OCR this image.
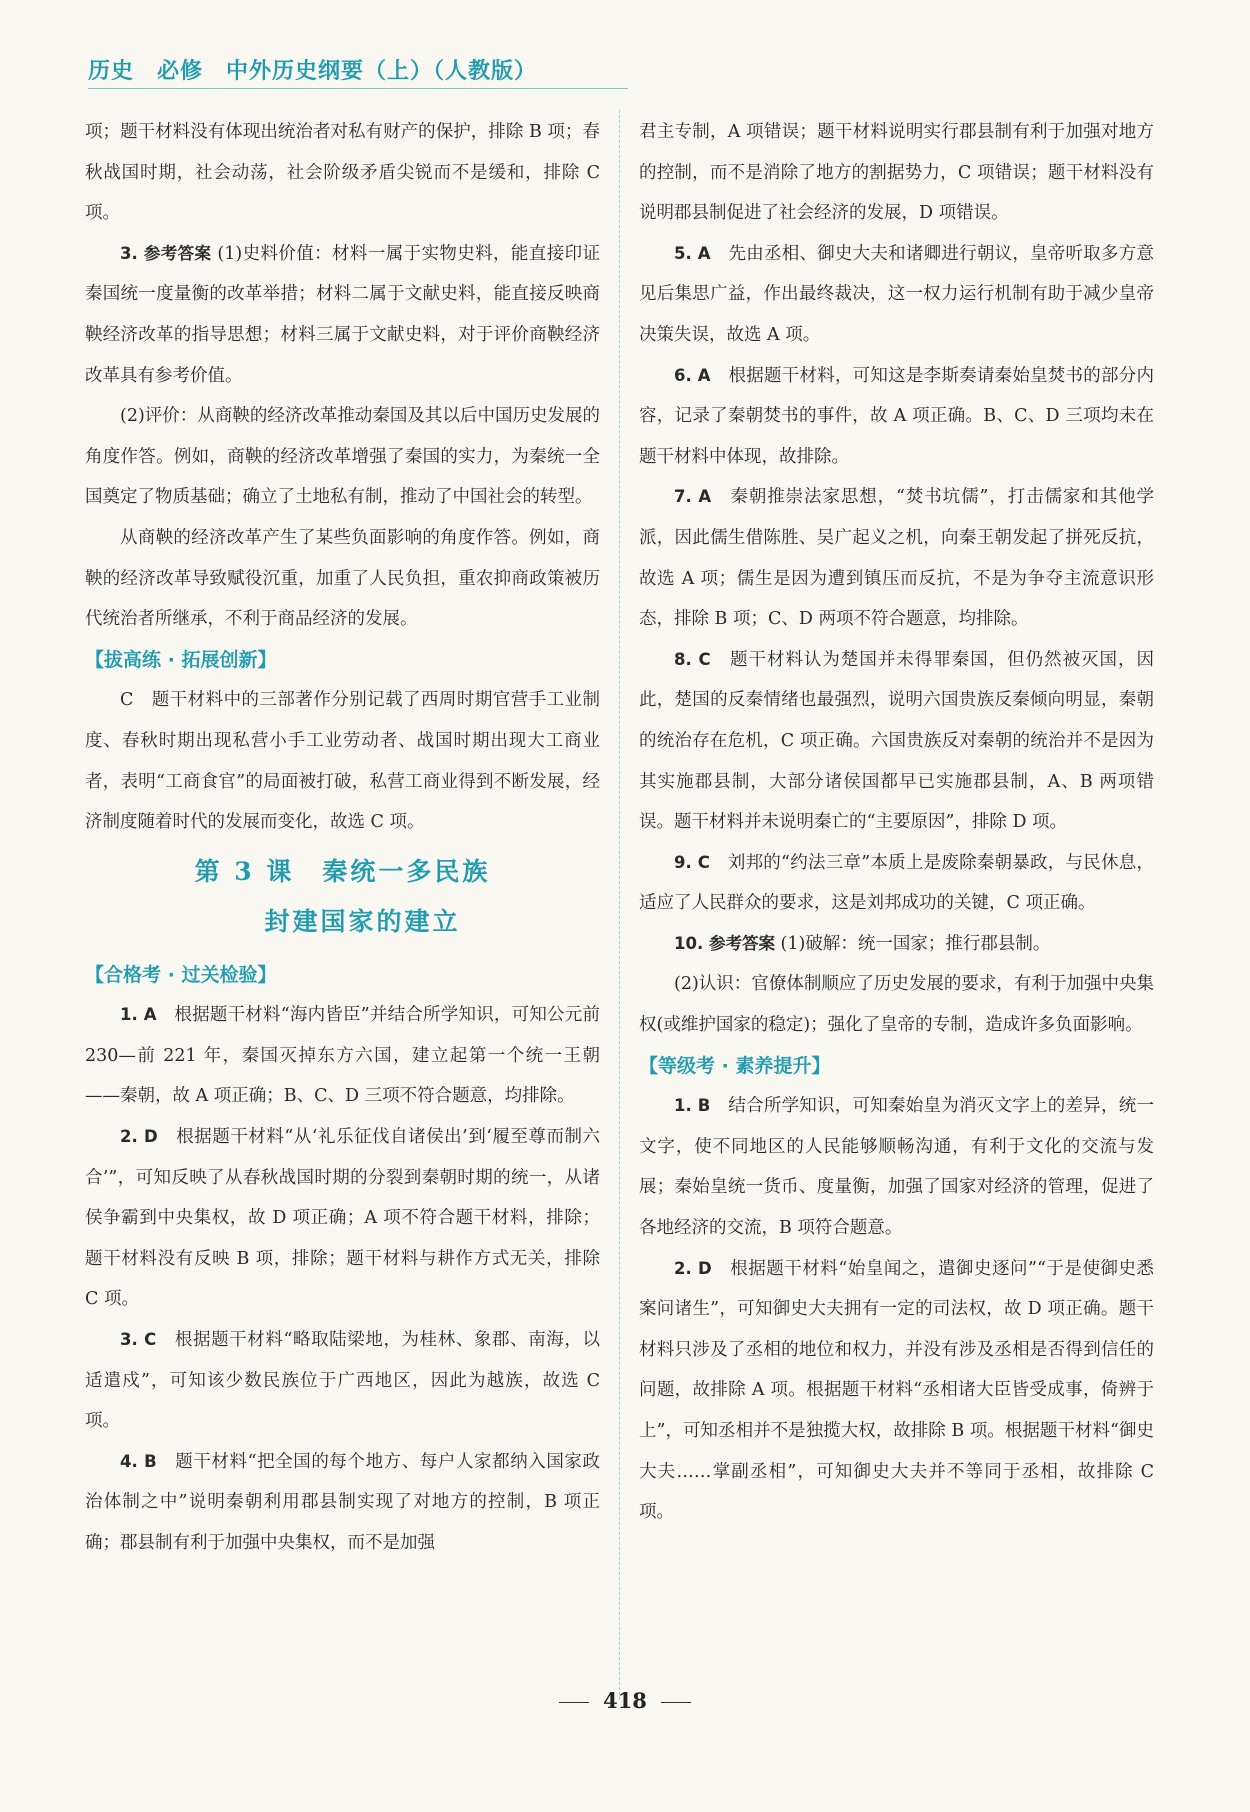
历史　必修　中外历史纲要（上）（人教版）

项；题干材料没有体现出统治者对私有财产的保护，排除 B 项；春秋战国时期，社会动荡，社会阶级矛盾尖锐而不是缓和，排除 C 项。

3. 参考答案 (1)史料价值：材料一属于实物史料，能直接印证秦国统一度量衡的改革举措；材料二属于文献史料，能直接反映商鞅经济改革的指导思想；材料三属于文献史料，对于评价商鞅经济改革具有参考价值。

(2)评价：从商鞅的经济改革推动秦国及其以后中国历史发展的角度作答。例如，商鞅的经济改革增强了秦国的实力，为秦统一全国奠定了物质基础；确立了土地私有制，推动了中国社会的转型。

从商鞅的经济改革产生了某些负面影响的角度作答。例如，商鞅的经济改革导致赋役沉重，加重了人民负担，重农抑商政策被历代统治者所继承，不利于商品经济的发展。

【拔高练 · 拓展创新】

C　题干材料中的三部著作分别记载了西周时期官营手工业制度、春秋时期出现私营小手工业劳动者、战国时期出现大工商业者，表明“工商食官”的局面被打破，私营工商业得到不断发展，经济制度随着时代的发展而变化，故选 C 项。

第 3 课　秦统一多民族
封建国家的建立

【合格考 · 过关检验】

1. A　根据题干材料“海内皆臣”并结合所学知识，可知公元前 230—前 221 年，秦国灭掉东方六国，建立起第一个统一王朝——秦朝，故 A 项正确；B、C、D 三项不符合题意，均排除。

2. D　根据题干材料“从‘礼乐征伐自诸侯出’到‘履至尊而制六合’”，可知反映了从春秋战国时期的分裂到秦朝时期的统一，从诸侯争霸到中央集权，故 D 项正确；A 项不符合题干材料，排除；题干材料没有反映 B 项，排除；题干材料与耕作方式无关，排除 C 项。

3. C　根据题干材料“略取陆梁地，为桂林、象郡、南海，以适遣戍”，可知该少数民族位于广西地区，因此为越族，故选 C 项。

4. B　题干材料“把全国的每个地方、每户人家都纳入国家政治体制之中”说明秦朝利用郡县制实现了对地方的控制，B 项正确；郡县制有利于加强中央集权，而不是加强

君主专制，A 项错误；题干材料说明实行郡县制有利于加强对地方的控制，而不是消除了地方的割据势力，C 项错误；题干材料没有说明郡县制促进了社会经济的发展，D 项错误。

5. A　先由丞相、御史大夫和诸卿进行朝议，皇帝听取多方意见后集思广益，作出最终裁决，这一权力运行机制有助于减少皇帝决策失误，故选 A 项。

6. A　根据题干材料，可知这是李斯奏请秦始皇焚书的部分内容，记录了秦朝焚书的事件，故 A 项正确。B、C、D 三项均未在题干材料中体现，故排除。

7. A　秦朝推崇法家思想，“焚书坑儒”，打击儒家和其他学派，因此儒生借陈胜、吴广起义之机，向秦王朝发起了拼死反抗，故选 A 项；儒生是因为遭到镇压而反抗，不是为争夺主流意识形态，排除 B 项；C、D 两项不符合题意，均排除。

8. C　题干材料认为楚国并未得罪秦国，但仍然被灭国，因此，楚国的反秦情绪也最强烈，说明六国贵族反秦倾向明显，秦朝的统治存在危机，C 项正确。六国贵族反对秦朝的统治并不是因为其实施郡县制，大部分诸侯国都早已实施郡县制，A、B 两项错误。题干材料并未说明秦亡的“主要原因”，排除 D 项。

9. C　刘邦的“约法三章”本质上是废除秦朝暴政，与民休息，适应了人民群众的要求，这是刘邦成功的关键，C 项正确。

10. 参考答案 (1)破解：统一国家；推行郡县制。

(2)认识：官僚体制顺应了历史发展的要求，有利于加强中央集权(或维护国家的稳定)；强化了皇帝的专制，造成许多负面影响。

【等级考 · 素养提升】

1. B　结合所学知识，可知秦始皇为消灭文字上的差异，统一文字，使不同地区的人民能够顺畅沟通，有利于文化的交流与发展；秦始皇统一货币、度量衡，加强了国家对经济的管理，促进了各地经济的交流，B 项符合题意。

2. D　根据题干材料“始皇闻之，遣御史逐问”“于是使御史悉案问诸生”，可知御史大夫拥有一定的司法权，故 D 项正确。题干材料只涉及了丞相的地位和权力，并没有涉及丞相是否得到信任的问题，故排除 A 项。根据题干材料“丞相诸大臣皆受成事，倚辨于上”，可知丞相并不是独揽大权，故排除 B 项。根据题干材料“御史大夫……掌副丞相”，可知御史大夫并不等同于丞相，故排除 C 项。

418
